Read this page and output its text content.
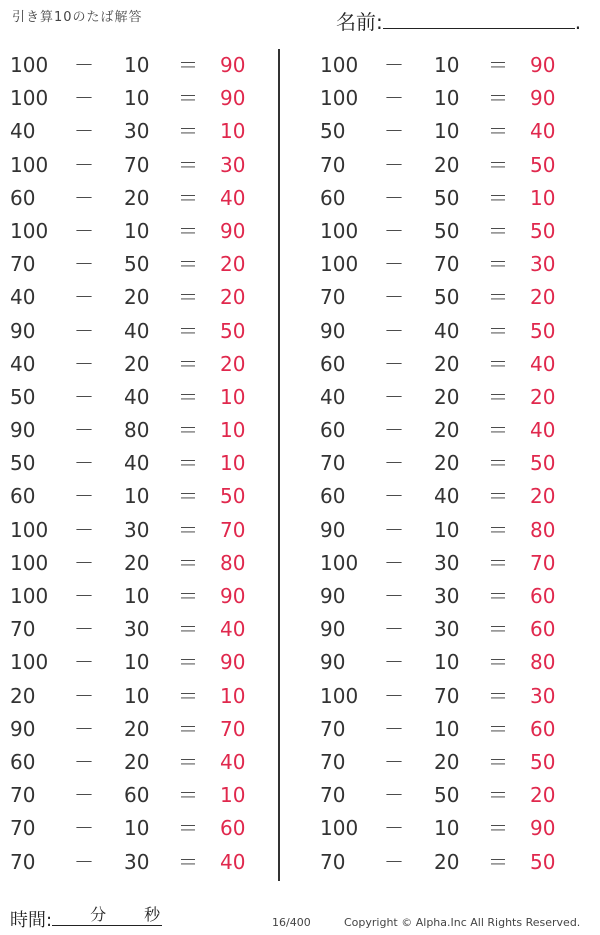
引き算10のたば解答	名前:	.
100 － 10 ＝ 90
100 － 10 ＝ 90
40 － 30 ＝ 10
100 － 70 ＝ 30
60 － 20 ＝ 40
100 － 10 ＝ 90
70 － 50 ＝ 20
40 － 20 ＝ 20
90 － 40 ＝ 50
40 － 20 ＝ 20
50 － 40 ＝ 10
90 － 80 ＝ 10
50 － 40 ＝ 10
60 － 10 ＝ 50
100 － 30 ＝ 70
100 － 20 ＝ 80
100 － 10 ＝ 90
70 － 30 ＝ 40
100 － 10 ＝ 90
20 － 10 ＝ 10
90 － 20 ＝ 70
60 － 20 ＝ 40
70 － 60 ＝ 10
70 － 10 ＝ 60
70 － 30 ＝ 40
100 － 10 ＝ 90
100 － 10 ＝ 90
50 － 10 ＝ 40
70 － 20 ＝ 50
60 － 50 ＝ 10
100 － 50 ＝ 50
100 － 70 ＝ 30
70 － 50 ＝ 20
90 － 40 ＝ 50
60 － 20 ＝ 40
40 － 20 ＝ 20
60 － 20 ＝ 40
70 － 20 ＝ 50
60 － 40 ＝ 20
90 － 10 ＝ 80
100 － 30 ＝ 70
90 － 30 ＝ 60
90 － 30 ＝ 60
90 － 10 ＝ 80
100 － 70 ＝ 30
70 － 10 ＝ 60
70 － 20 ＝ 50
70 － 50 ＝ 20
100 － 10 ＝ 90
70 － 20 ＝ 50
時間: 分 秒	16/400	Copyright © Alpha.Inc All Rights Reserved.
